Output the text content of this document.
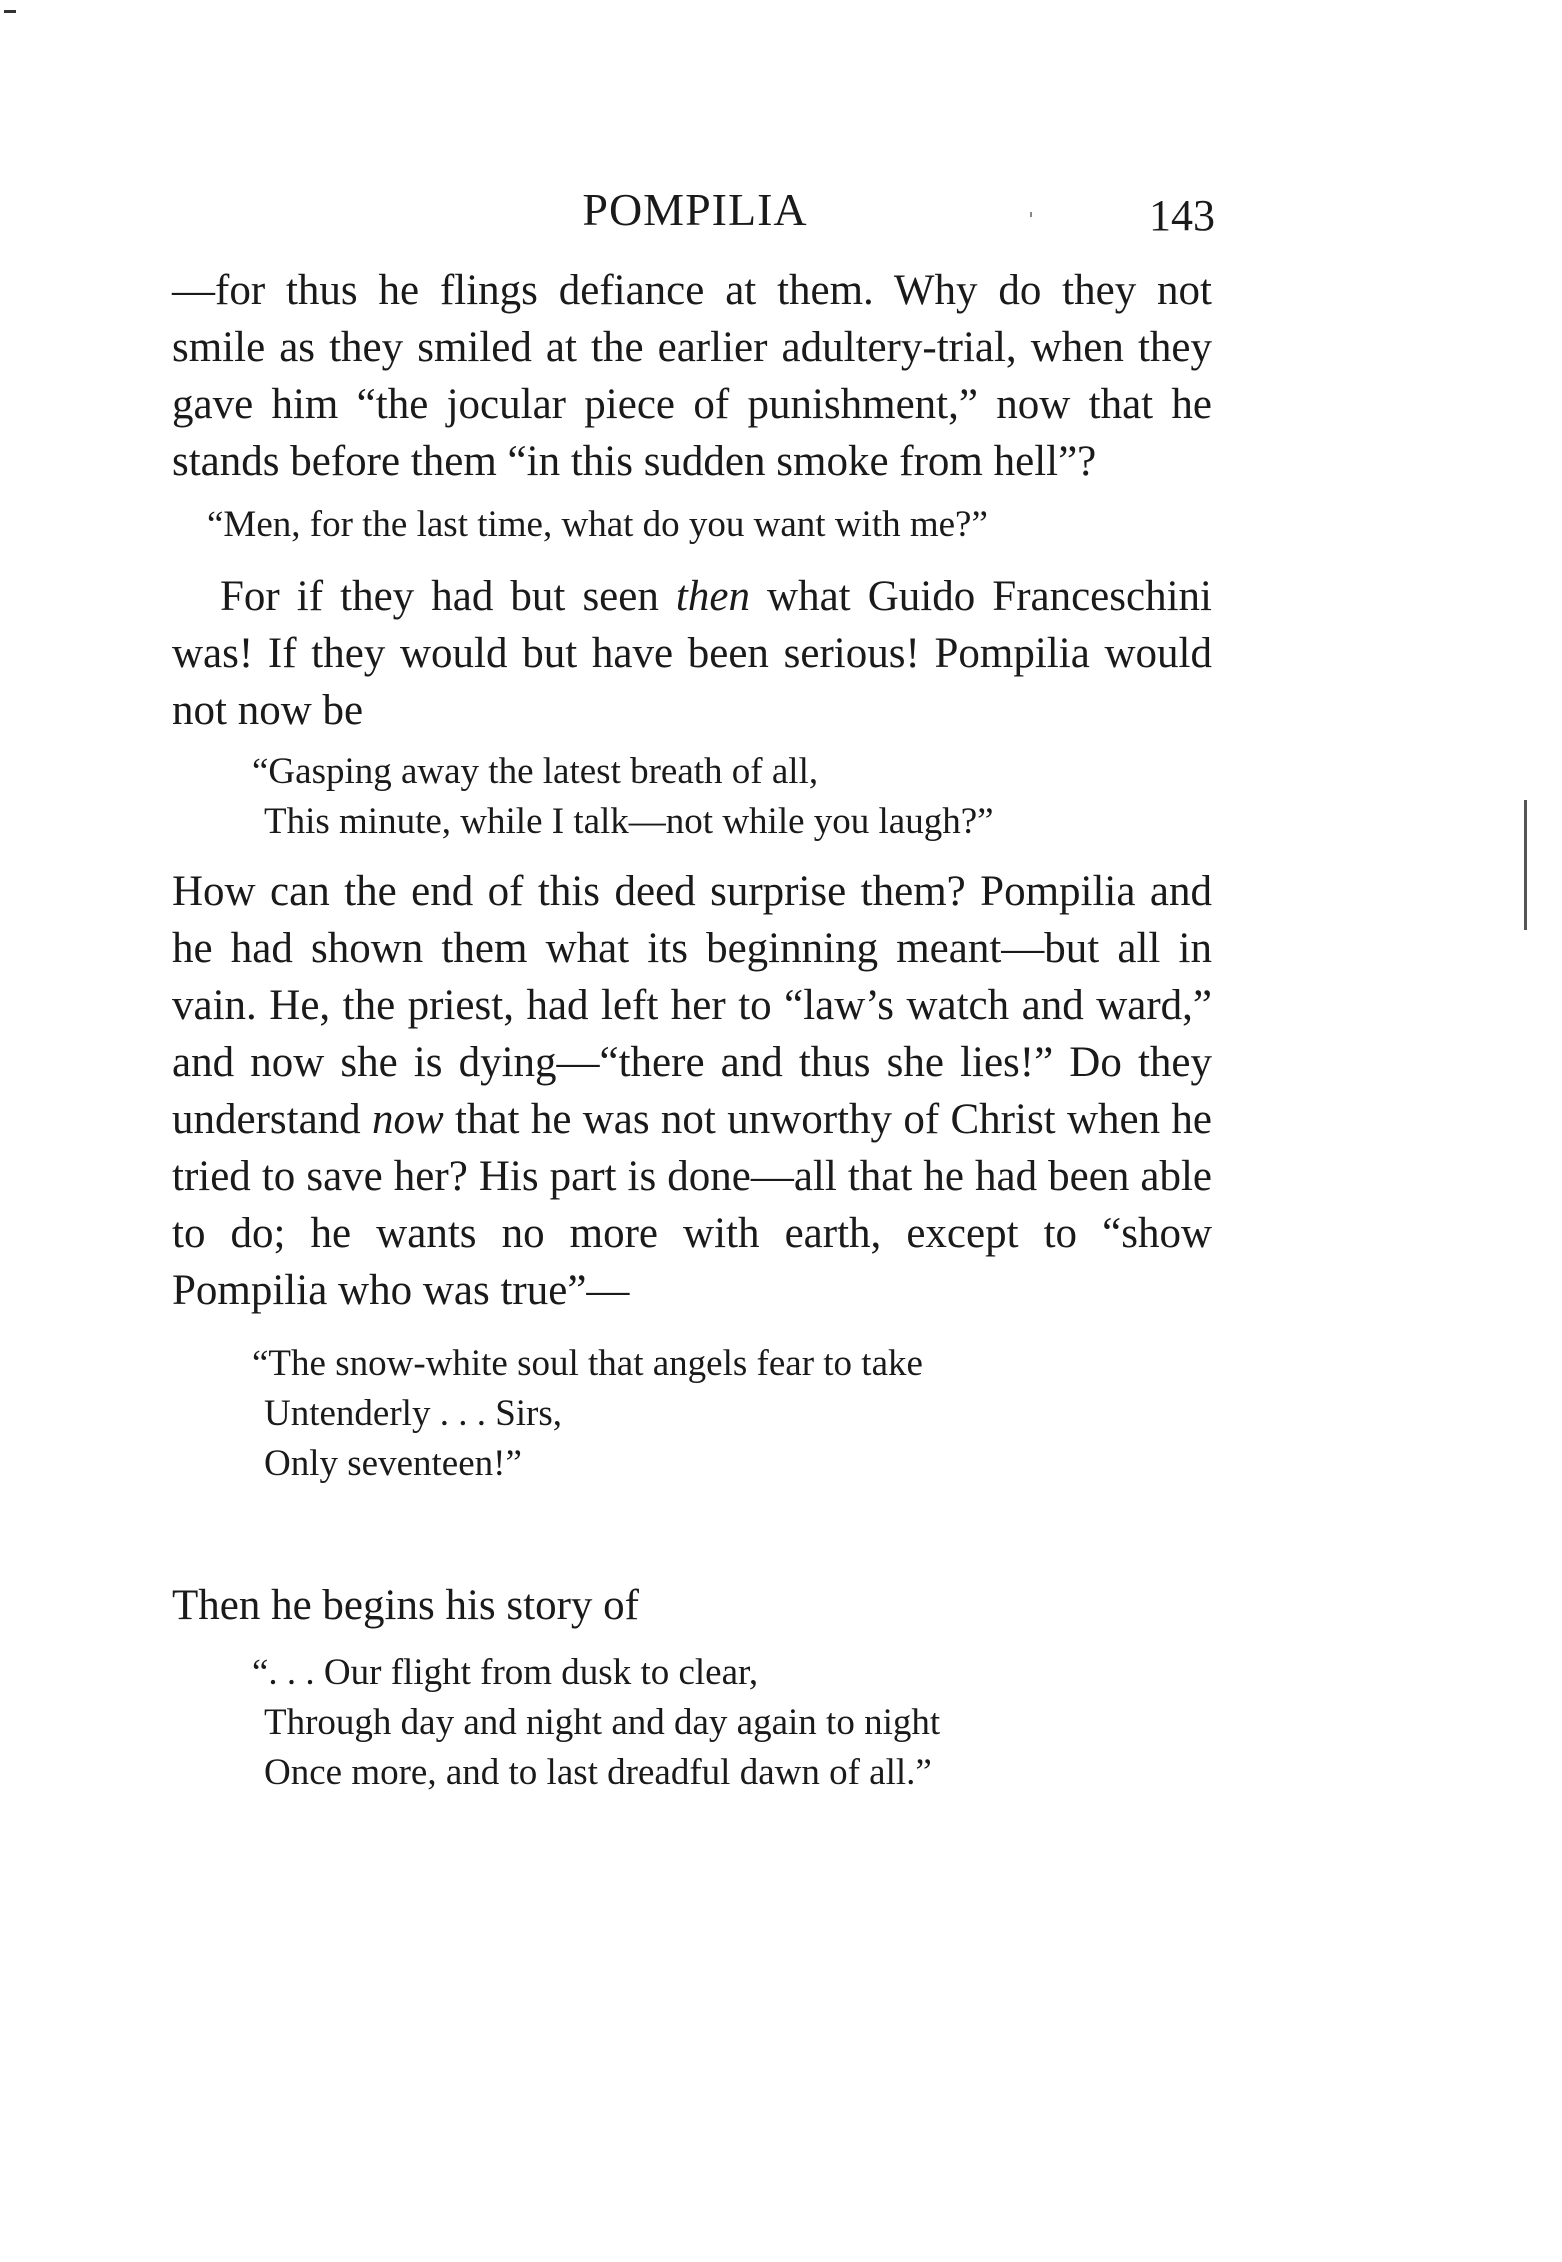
POMPILIA	143

—for thus he flings defiance at them. Why do they not smile as they smiled at the earlier adultery-trial, when they gave him “the jocular piece of punishment,” now that he stands before them “in this sudden smoke from hell”?

“Men, for the last time, what do you want with me?”

For if they had but seen then what Guido Franceschini was! If they would but have been serious! Pompilia would not now be

“Gasping away the latest breath of all,
This minute, while I talk—not while you laugh?”

How can the end of this deed surprise them? Pompilia and he had shown them what its beginning meant—but all in vain. He, the priest, had left her to “law’s watch and ward,” and now she is dying—“there and thus she lies!” Do they understand now that he was not unworthy of Christ when he tried to save her? His part is done—all that he had been able to do; he wants no more with earth, except to “show Pompilia who was true”—

“The snow-white soul that angels fear to take
Untenderly . . . Sirs,
Only seventeen!”

Then he begins his story of

“. . . Our flight from dusk to clear,
Through day and night and day again to night
Once more, and to last dreadful dawn of all.”
